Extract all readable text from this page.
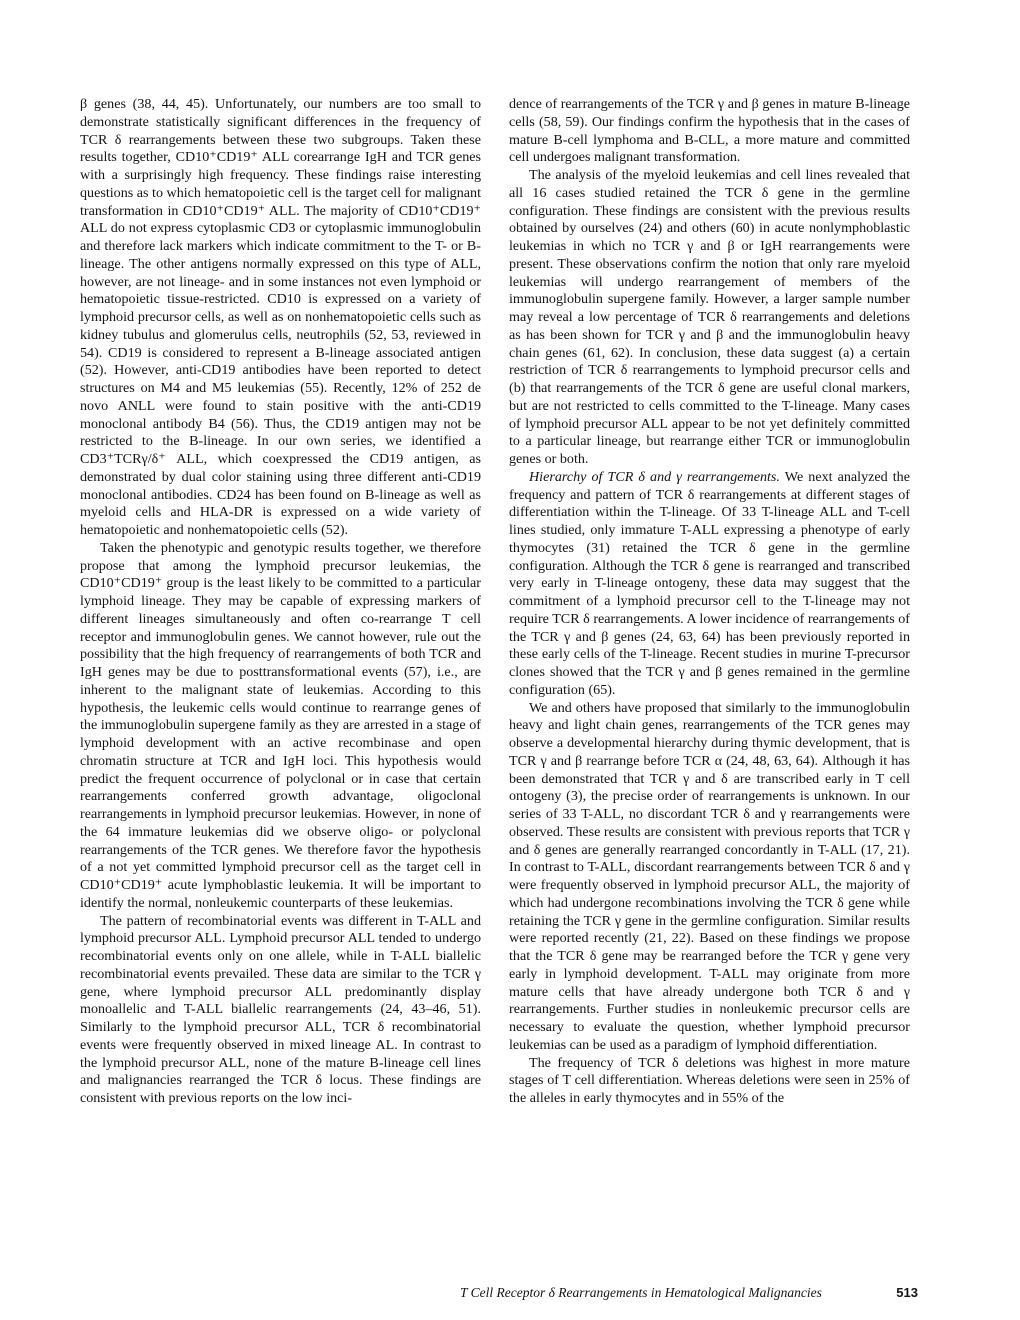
β genes (38, 44, 45). Unfortunately, our numbers are too small to demonstrate statistically significant differences in the frequency of TCR δ rearrangements between these two subgroups. Taken these results together, CD10⁺CD19⁺ ALL corearrange IgH and TCR genes with a surprisingly high frequency. These findings raise interesting questions as to which hematopoietic cell is the target cell for malignant transformation in CD10⁺CD19⁺ ALL. The majority of CD10⁺CD19⁺ ALL do not express cytoplasmic CD3 or cytoplasmic immunoglobulin and therefore lack markers which indicate commitment to the T- or B-lineage. The other antigens normally expressed on this type of ALL, however, are not lineage- and in some instances not even lymphoid or hematopoietic tissue-restricted. CD10 is expressed on a variety of lymphoid precursor cells, as well as on nonhematopoietic cells such as kidney tubulus and glomerulus cells, neutrophils (52, 53, reviewed in 54). CD19 is considered to represent a B-lineage associated antigen (52). However, anti-CD19 antibodies have been reported to detect structures on M4 and M5 leukemias (55). Recently, 12% of 252 de novo ANLL were found to stain positive with the anti-CD19 monoclonal antibody B4 (56). Thus, the CD19 antigen may not be restricted to the B-lineage. In our own series, we identified a CD3⁺TCRγ/δ⁺ ALL, which coexpressed the CD19 antigen, as demonstrated by dual color staining using three different anti-CD19 monoclonal antibodies. CD24 has been found on B-lineage as well as myeloid cells and HLA-DR is expressed on a wide variety of hematopoietic and nonhematopoietic cells (52).

Taken the phenotypic and genotypic results together, we therefore propose that among the lymphoid precursor leukemias, the CD10⁺CD19⁺ group is the least likely to be committed to a particular lymphoid lineage. They may be capable of expressing markers of different lineages simultaneously and often co-rearrange T cell receptor and immunoglobulin genes. We cannot however, rule out the possibility that the high frequency of rearrangements of both TCR and IgH genes may be due to posttransformational events (57), i.e., are inherent to the malignant state of leukemias. According to this hypothesis, the leukemic cells would continue to rearrange genes of the immunoglobulin supergene family as they are arrested in a stage of lymphoid development with an active recombinase and open chromatin structure at TCR and IgH loci. This hypothesis would predict the frequent occurrence of polyclonal or in case that certain rearrangements conferred growth advantage, oligoclonal rearrangements in lymphoid precursor leukemias. However, in none of the 64 immature leukemias did we observe oligo- or polyclonal rearrangements of the TCR genes. We therefore favor the hypothesis of a not yet committed lymphoid precursor cell as the target cell in CD10⁺CD19⁺ acute lymphoblastic leukemia. It will be important to identify the normal, nonleukemic counterparts of these leukemias.

The pattern of recombinatorial events was different in T-ALL and lymphoid precursor ALL. Lymphoid precursor ALL tended to undergo recombinatorial events only on one allele, while in T-ALL biallelic recombinatorial events prevailed. These data are similar to the TCR γ gene, where lymphoid precursor ALL predominantly display monoallelic and T-ALL biallelic rearrangements (24, 43–46, 51). Similarly to the lymphoid precursor ALL, TCR δ recombinatorial events were frequently observed in mixed lineage AL. In contrast to the lymphoid precursor ALL, none of the mature B-lineage cell lines and malignancies rearranged the TCR δ locus. These findings are consistent with previous reports on the low inci-

dence of rearrangements of the TCR γ and β genes in mature B-lineage cells (58, 59). Our findings confirm the hypothesis that in the cases of mature B-cell lymphoma and B-CLL, a more mature and committed cell undergoes malignant transformation.

The analysis of the myeloid leukemias and cell lines revealed that all 16 cases studied retained the TCR δ gene in the germline configuration. These findings are consistent with the previous results obtained by ourselves (24) and others (60) in acute nonlymphoblastic leukemias in which no TCR γ and β or IgH rearrangements were present. These observations confirm the notion that only rare myeloid leukemias will undergo rearrangement of members of the immunoglobulin supergene family. However, a larger sample number may reveal a low percentage of TCR δ rearrangements and deletions as has been shown for TCR γ and β and the immunoglobulin heavy chain genes (61, 62). In conclusion, these data suggest (a) a certain restriction of TCR δ rearrangements to lymphoid precursor cells and (b) that rearrangements of the TCR δ gene are useful clonal markers, but are not restricted to cells committed to the T-lineage. Many cases of lymphoid precursor ALL appear to be not yet definitely committed to a particular lineage, but rearrange either TCR or immunoglobulin genes or both.

Hierarchy of TCR δ and γ rearrangements. We next analyzed the frequency and pattern of TCR δ rearrangements at different stages of differentiation within the T-lineage. Of 33 T-lineage ALL and T-cell lines studied, only immature T-ALL expressing a phenotype of early thymocytes (31) retained the TCR δ gene in the germline configuration. Although the TCR δ gene is rearranged and transcribed very early in T-lineage ontogeny, these data may suggest that the commitment of a lymphoid precursor cell to the T-lineage may not require TCR δ rearrangements. A lower incidence of rearrangements of the TCR γ and β genes (24, 63, 64) has been previously reported in these early cells of the T-lineage. Recent studies in murine T-precursor clones showed that the TCR γ and β genes remained in the germline configuration (65).

We and others have proposed that similarly to the immunoglobulin heavy and light chain genes, rearrangements of the TCR genes may observe a developmental hierarchy during thymic development, that is TCR γ and β rearrange before TCR α (24, 48, 63, 64). Although it has been demonstrated that TCR γ and δ are transcribed early in T cell ontogeny (3), the precise order of rearrangements is unknown. In our series of 33 T-ALL, no discordant TCR δ and γ rearrangements were observed. These results are consistent with previous reports that TCR γ and δ genes are generally rearranged concordantly in T-ALL (17, 21). In contrast to T-ALL, discordant rearrangements between TCR δ and γ were frequently observed in lymphoid precursor ALL, the majority of which had undergone recombinations involving the TCR δ gene while retaining the TCR γ gene in the germline configuration. Similar results were reported recently (21, 22). Based on these findings we propose that the TCR δ gene may be rearranged before the TCR γ gene very early in lymphoid development. T-ALL may originate from more mature cells that have already undergone both TCR δ and γ rearrangements. Further studies in nonleukemic precursor cells are necessary to evaluate the question, whether lymphoid precursor leukemias can be used as a paradigm of lymphoid differentiation.

The frequency of TCR δ deletions was highest in more mature stages of T cell differentiation. Whereas deletions were seen in 25% of the alleles in early thymocytes and in 55% of the

T Cell Receptor δ Rearrangements in Hematological Malignancies	513
